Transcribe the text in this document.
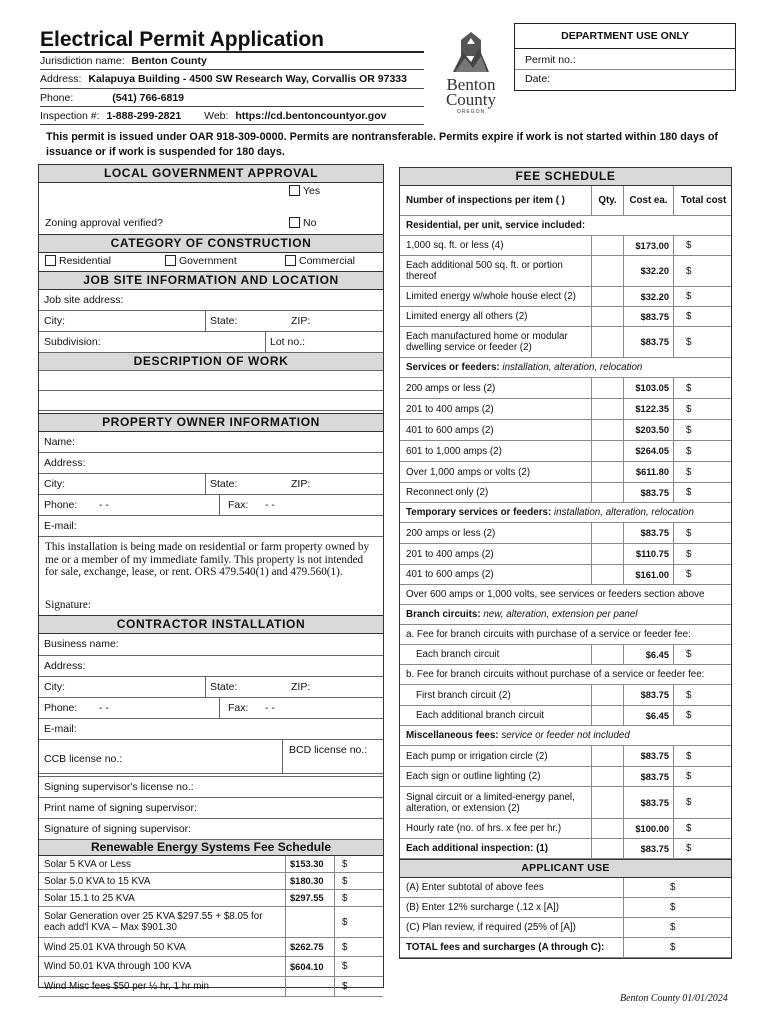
Electrical Permit Application
Jurisdiction name: Benton County
Address: Kalapuya Building - 4500 SW Research Way, Corvallis OR 97333
Phone:	(541) 766-6819
Inspection #: 1-888-299-2821 Web: https://cd.bentoncountyor.gov
Benton
County
OREGON
DEPARTMENT USE ONLY
Permit no.:
Date:
This permit is issued under OAR 918-309-0000. Permits are nontransferable. Permits expire if work is not started within 180 days of issuance or if work is suspended for 180 days.
LOCAL GOVERNMENT APPROVAL
Zoning approval verified?
Yes
No
CATEGORY OF CONSTRUCTION
Residential	Government	Commercial
JOB SITE INFORMATION AND LOCATION
Job site address:
City:	State:	ZIP:
Subdivision:	Lot no.:
DESCRIPTION OF WORK
PROPERTY OWNER INFORMATION
Name:
Address:
City:	State:	ZIP:
Phone: - -	Fax: - -
E-mail:
This installation is being made on residential or farm property owned by me or a member of my immediate family. This property is not intended for sale, exchange, lease, or rent. ORS 479.540(1) and 479.560(1).
Signature:
CONTRACTOR INSTALLATION
Business name:
Address:
City:	State:	ZIP:
Phone: - -	Fax: - -
E-mail:
CCB license no.:
BCD license no.:
Signing supervisor's license no.:
Print name of signing supervisor:
Signature of signing supervisor:
Renewable Energy Systems Fee Schedule
Solar 5 KVA or Less	$153.30	$
Solar 5.0 KVA to 15 KVA	$180.30	$
Solar 15.1 to 25 KVA	$297.55	$
Solar Generation over 25 KVA $297.55 + $8.05 for each add'l KVA – Max $901.30	$
Wind 25.01 KVA through 50 KVA	$262.75	$
Wind 50.01 KVA through 100 KVA	$604.10	$
Wind Misc fees $50 per ½ hr, 1 hr min	$
FEE SCHEDULE
Number of inspections per item ( )	Qty.	Cost ea.	Total cost
Residential, per unit, service included:

1,000 sq. ft. or less (4)	$173.00	$
Each additional 500 sq. ft. or portion thereof	$32.20	$
Limited energy w/whole house elect (2)	$32.20	$
Limited energy all others (2)	$83.75	$
Each manufactured home or modular dwelling service or feeder (2)	$83.75	$
Services or feeders:
installation, alteration, relocation
200 amps or less (2)	$103.05	$
201 to 400 amps (2)	$122.35	$
401 to 600 amps (2)	$203.50	$
601 to 1,000 amps (2)	$264.05	$
Over 1,000 amps or volts (2)	$611.80	$
Reconnect only (2)	$83.75	$
Temporary services or feeders:
installation, alteration, relocation
200 amps or less (2)	$83.75	$
201 to 400 amps (2)	$110.75	$
401 to 600 amps (2)	$161.00	$
Over 600 amps or 1,000 volts, see services or feeders section above
Branch circuits:
new, alteration, extension per panel
a. Fee for branch circuits with purchase of a service or feeder fee:
Each branch circuit	$6.45	$
b. Fee for branch circuits without purchase of a service or feeder fee:
First branch circuit (2)	$83.75	$
Each additional branch circuit	$6.45	$
Miscellaneous fees:
service or feeder not included
Each pump or irrigation circle (2)	$83.75	$
Each sign or outline lighting (2)	$83.75	$
Signal circuit or a limited-energy panel, alteration, or extension (2)	$83.75	$
Hourly rate (no. of hrs. x fee per hr.)	$100.00	$
Each additional inspection: (1)	$83.75	$
APPLICANT USE
(A) Enter subtotal of above fees	$
(B) Enter 12% surcharge (.12 x [A])	$
(C) Plan review, if required (25% of [A])	$
TOTAL fees and surcharges (A through C):	$
Benton County 01/01/2024
